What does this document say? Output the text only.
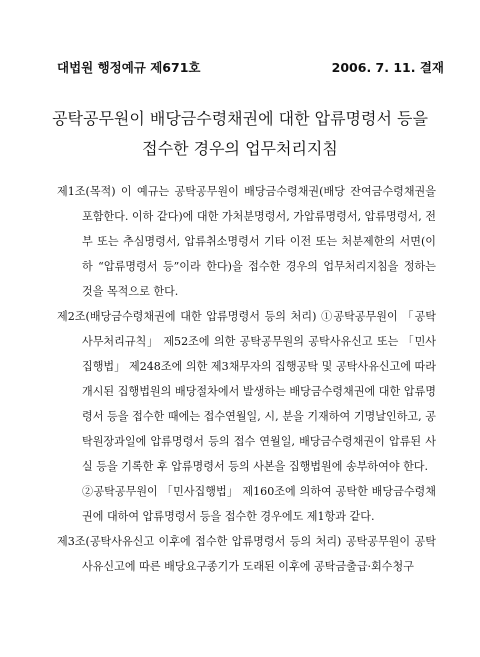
대법원 행정예규 제671호	2006. 7. 11. 결재
공탁공무원이 배당금수령채권에 대한 압류명령서 등을
접수한 경우의 업무처리지침
제1조(목적) 이 예규는 공탁공무원이 배당금수령채권(배당 잔여금수령채권을 포함한다. 이하 같다)에 대한 가처분명령서, 가압류명령서, 압류명령서, 전부 또는 추심명령서, 압류취소명령서 기타 이전 또는 처분제한의 서면(이하 “압류명령서 등”이라 한다)을 접수한 경우의 업무처리지침을 정하는 것을 목적으로 한다.
제2조(배당금수령채권에 대한 압류명령서 등의 처리) ①공탁공무원이 「공탁사무처리규칙」 제52조에 의한 공탁공무원의 공탁사유신고 또는 「민사집행법」 제248조에 의한 제3채무자의 집행공탁 및 공탁사유신고에 따라 개시된 집행법원의 배당절차에서 발생하는 배당금수령채권에 대한 압류명령서 등을 접수한 때에는 접수연월일, 시, 분을 기재하여 기명날인하고, 공탁원장과일에 압류명령서 등의 접수 연월일, 배당금수령채권이 압류된 사실 등을 기록한 후 압류명령서 등의 사본을 집행법원에 송부하여야 한다.
②공탁공무원이 「민사집행법」 제160조에 의하여 공탁한 배당금수령채권에 대하여 압류명령서 등을 접수한 경우에도 제1항과 같다.
제3조(공탁사유신고 이후에 접수한 압류명령서 등의 처리) 공탁공무원이 공탁사유신고에 따른 배당요구종기가 도래된 이후에 공탁금출급·회수청구
